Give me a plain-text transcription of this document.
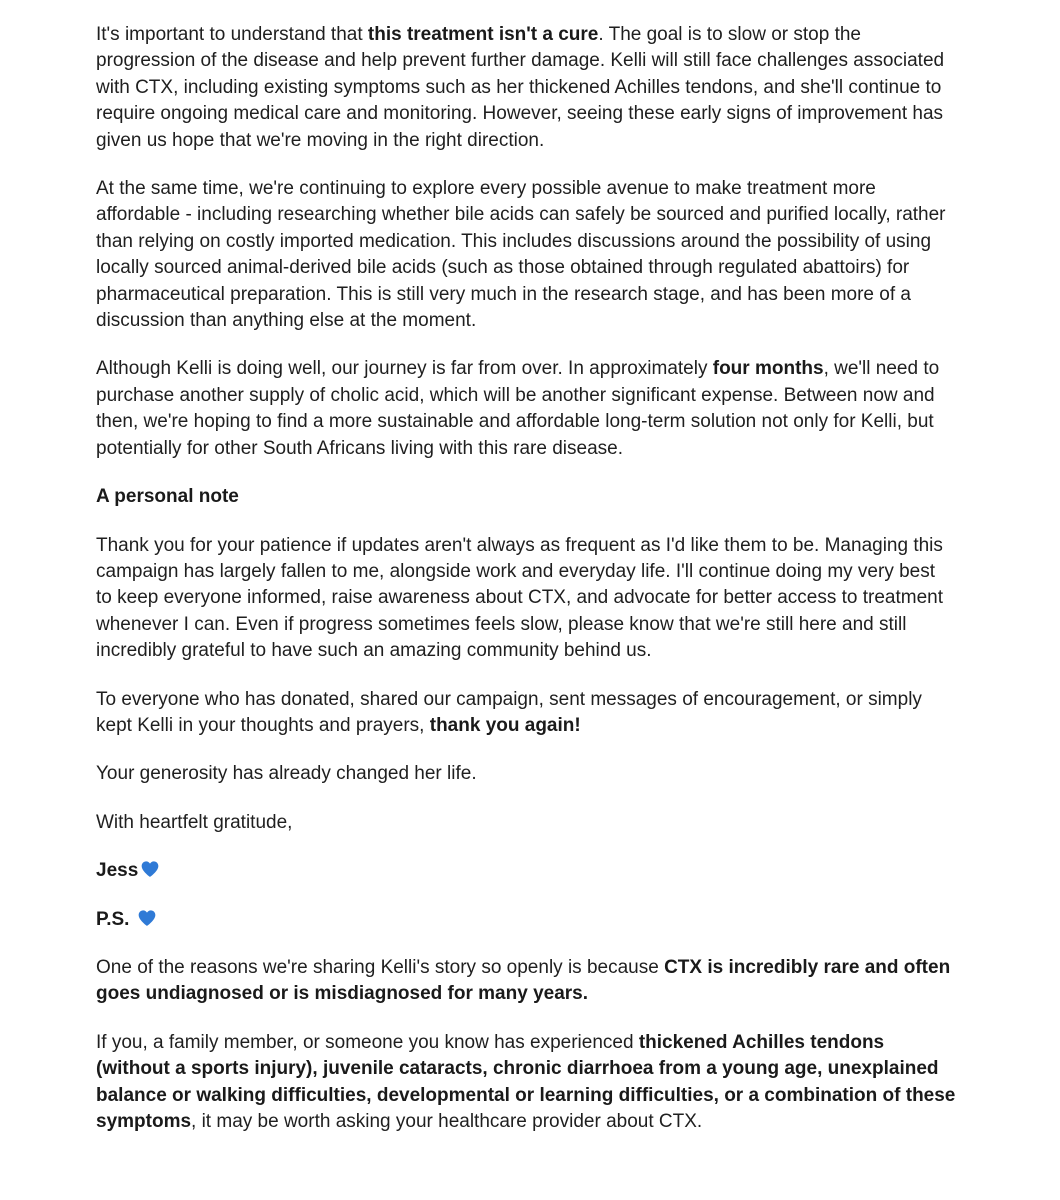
It's important to understand that this treatment isn't a cure. The goal is to slow or stop the progression of the disease and help prevent further damage. Kelli will still face challenges associated with CTX, including existing symptoms such as her thickened Achilles tendons, and she'll continue to require ongoing medical care and monitoring. However, seeing these early signs of improvement has given us hope that we're moving in the right direction.

At the same time, we're continuing to explore every possible avenue to make treatment more affordable - including researching whether bile acids can safely be sourced and purified locally, rather than relying on costly imported medication. This includes discussions around the possibility of using locally sourced animal-derived bile acids (such as those obtained through regulated abattoirs) for pharmaceutical preparation. This is still very much in the research stage, and has been more of a discussion than anything else at the moment.

Although Kelli is doing well, our journey is far from over. In approximately four months, we'll need to purchase another supply of cholic acid, which will be another significant expense. Between now and then, we're hoping to find a more sustainable and affordable long-term solution not only for Kelli, but potentially for other South Africans living with this rare disease.

A personal note

Thank you for your patience if updates aren't always as frequent as I'd like them to be. Managing this campaign has largely fallen to me, alongside work and everyday life. I'll continue doing my very best to keep everyone informed, raise awareness about CTX, and advocate for better access to treatment whenever I can. Even if progress sometimes feels slow, please know that we're still here and still incredibly grateful to have such an amazing community behind us.

To everyone who has donated, shared our campaign, sent messages of encouragement, or simply kept Kelli in your thoughts and prayers, thank you again!

Your generosity has already changed her life.

With heartfelt gratitude,

Jess

P.S.

One of the reasons we're sharing Kelli's story so openly is because CTX is incredibly rare and often goes undiagnosed or is misdiagnosed for many years.

If you, a family member, or someone you know has experienced thickened Achilles tendons (without a sports injury), juvenile cataracts, chronic diarrhoea from a young age, unexplained balance or walking difficulties, developmental or learning difficulties, or a combination of these symptoms, it may be worth asking your healthcare provider about CTX.
